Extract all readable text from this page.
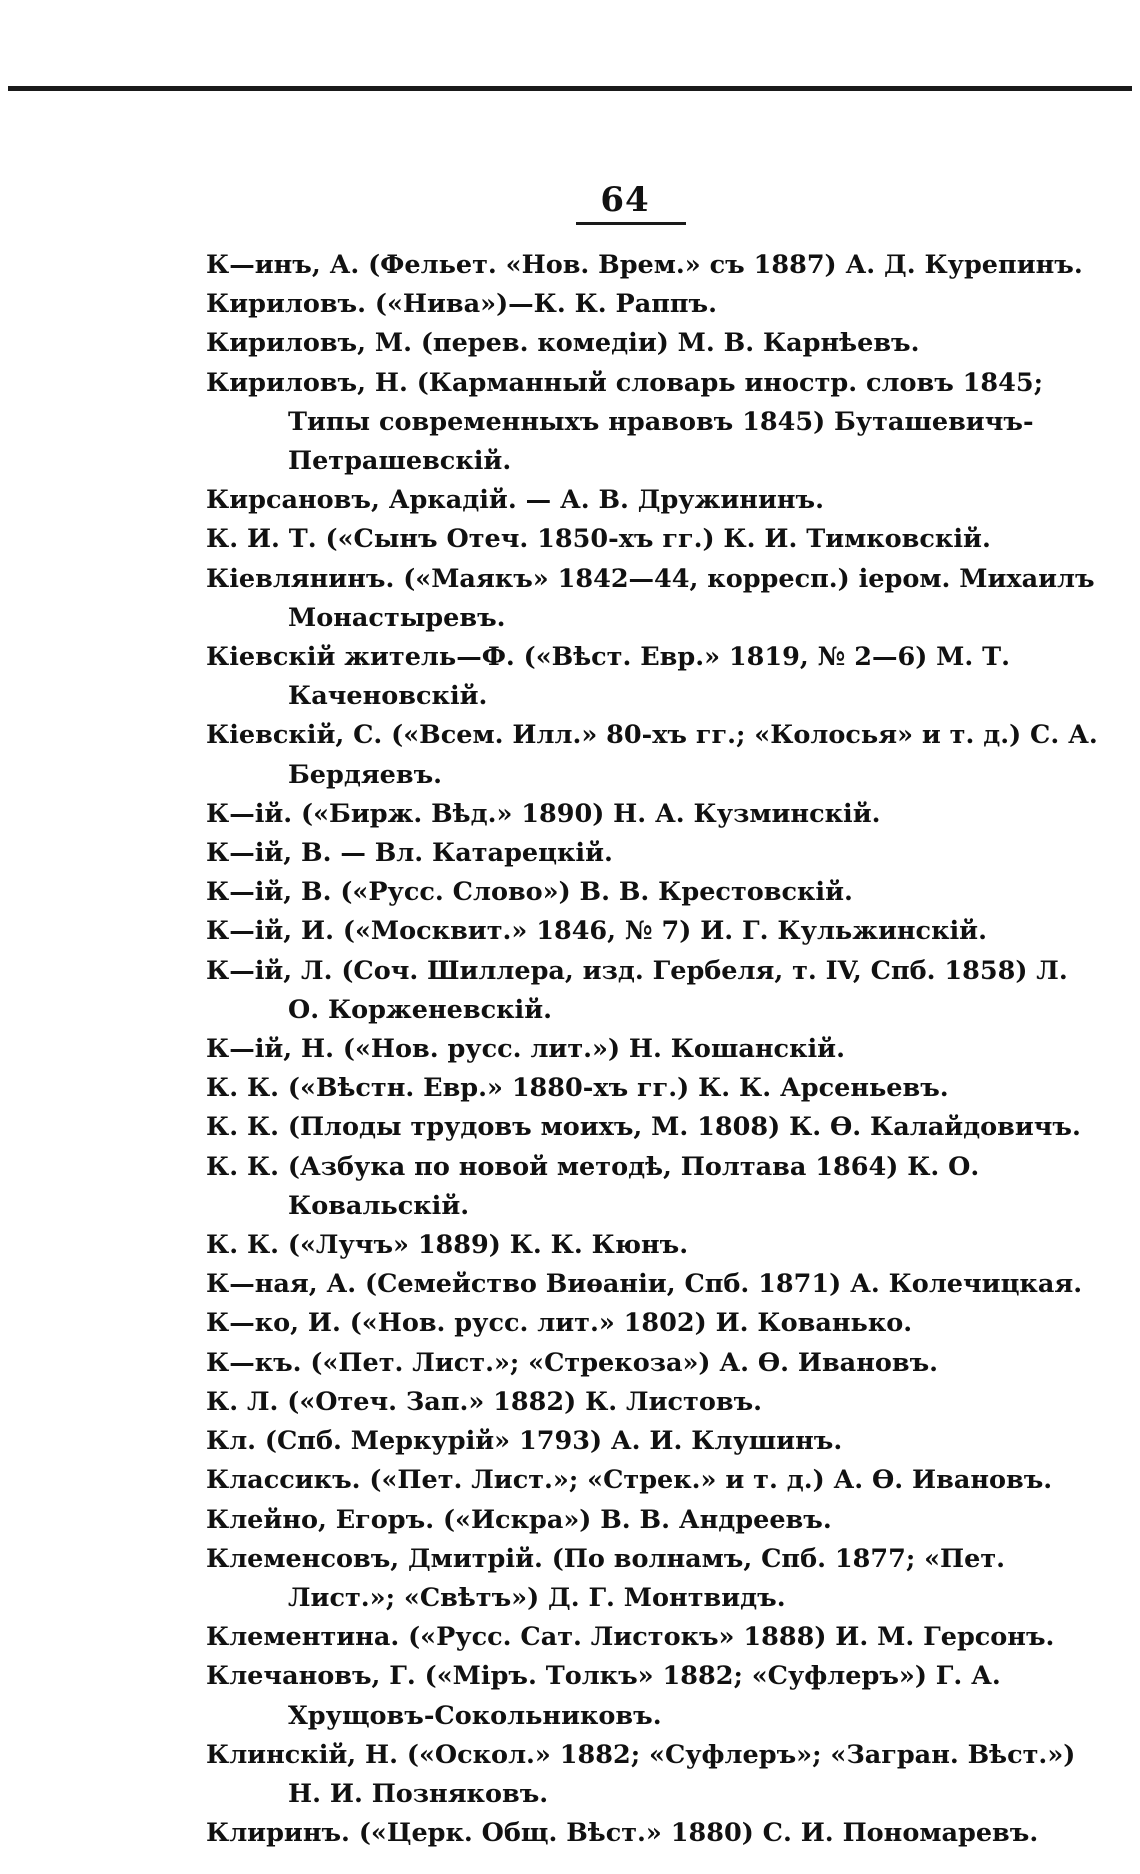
64
К—инъ, А. (Фельет. «Нов. Врем.» съ 1887) А. Д. Курепинъ.
Кириловъ. («Нива»)—К. К. Раппъ.
Кириловъ, М. (перев. комедіи) М. В. Карнѣевъ.
Кириловъ, Н. (Карманный словарь иностр. словъ 1845; Типы современныхъ нравовъ 1845) Буташевичъ-Петрашевскій.
Кирсановъ, Аркадій. — А. В. Дружининъ.
К. И. Т. («Сынъ Отеч. 1850-хъ гг.) К. И. Тимковскій.
Кіевлянинъ. («Маякъ» 1842—44, корресп.) іером. Михаилъ Монастыревъ.
Кіевскій житель—Ф. («Вѣст. Евр.» 1819, № 2—6) М. Т. Каченовскій.
Кіевскій, С. («Всем. Илл.» 80-хъ гг.; «Колосья» и т. д.) С. А. Бердяевъ.
К—ій. («Бирж. Вѣд.» 1890) Н. А. Кузминскій.
К—ій, В. — Вл. Катарецкій.
К—ій, В. («Русс. Слово») В. В. Крестовскій.
К—ій, И. («Москвит.» 1846, № 7) И. Г. Кульжинскій.
К—ій, Л. (Соч. Шиллера, изд. Гербеля, т. IV, Спб. 1858) Л. О. Корженевскій.
К—ій, Н. («Нов. русс. лит.») Н. Кошанскій.
К. К. («Вѣстн. Евр.» 1880-хъ гг.) К. К. Арсеньевъ.
К. К. (Плоды трудовъ моихъ, М. 1808) К. Ѳ. Калайдовичъ.
К. К. (Азбука по новой методѣ, Полтава 1864) К. О. Ковальскій.
К. К. («Лучъ» 1889) К. К. Кюнъ.
К—ная, А. (Семейство Виѳаніи, Спб. 1871) А. Колечицкая.
К—ко, И. («Нов. русс. лит.» 1802) И. Кованько.
К—къ. («Пет. Лист.»; «Стрекоза») А. Ѳ. Ивановъ.
К. Л. («Отеч. Зап.» 1882) К. Листовъ.
Кл. (Спб. Меркурій» 1793) А. И. Клушинъ.
Классикъ. («Пет. Лист.»; «Стрек.» и т. д.) А. Ѳ. Ивановъ.
Клейно, Егоръ. («Искра») В. В. Андреевъ.
Клеменсовъ, Дмитрій. (По волнамъ, Спб. 1877; «Пет. Лист.»; «Свѣтъ») Д. Г. Монтвидъ.
Клементина. («Русс. Сат. Листокъ» 1888) И. М. Герсонъ.
Клечановъ, Г. («Міръ. Толкъ» 1882; «Суфлеръ») Г. А. Хрущовъ-Сокольниковъ.
Клинскій, Н. («Оскол.» 1882; «Суфлеръ»; «Загран. Вѣст.») Н. И. Позняковъ.
Клиринъ. («Церк. Общ. Вѣст.» 1880) С. И. Пономаревъ.
